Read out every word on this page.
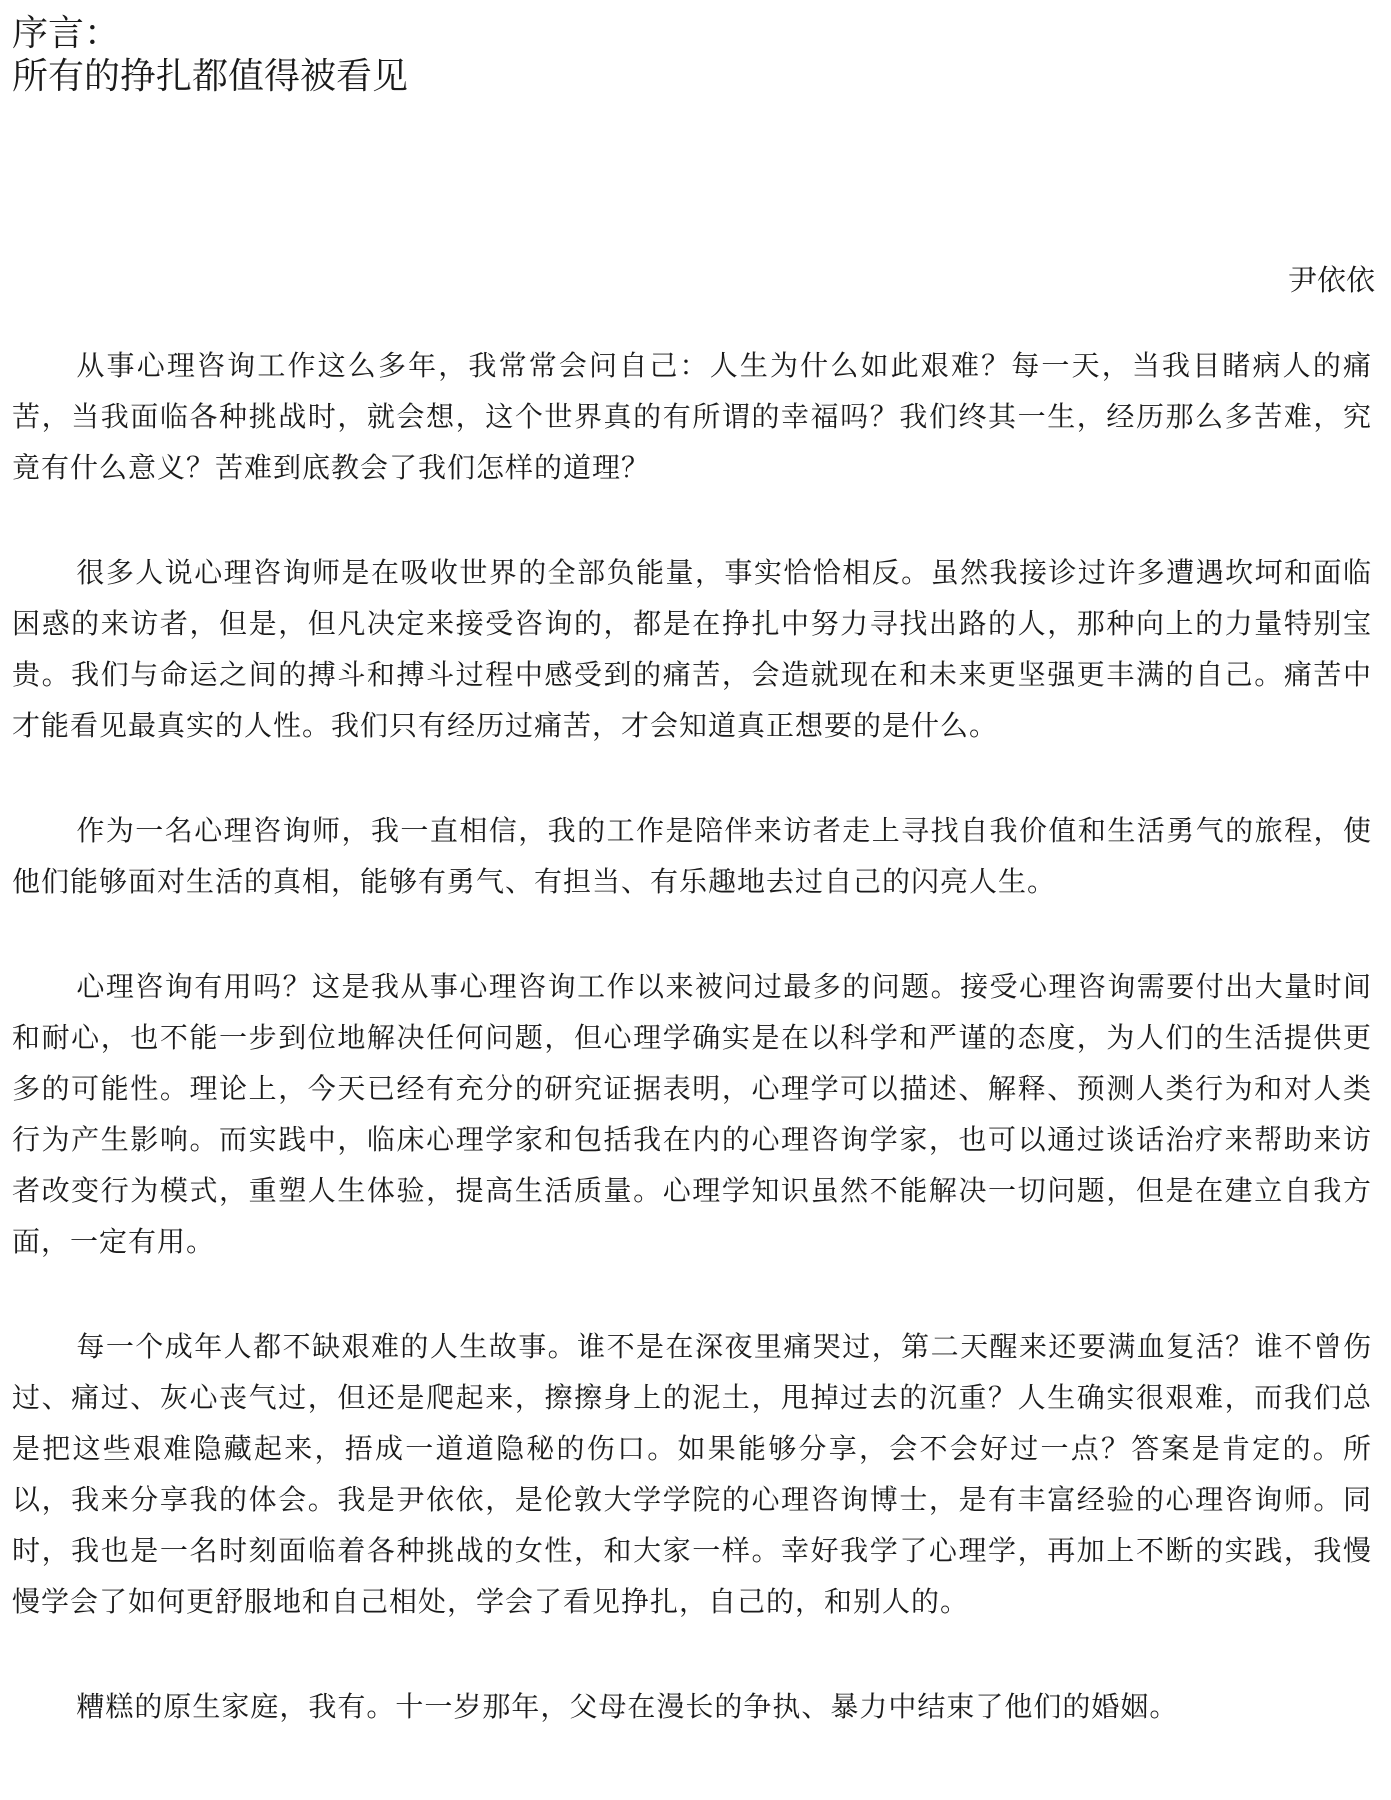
序言：
所有的挣扎都值得被看见
尹依依

从事心理咨询工作这么多年，我常常会问自己：人生为什么如此艰难？每一天，当我目睹病人的痛苦，当我面临各种挑战时，就会想，这个世界真的有所谓的幸福吗？我们终其一生，经历那么多苦难，究竟有什么意义？苦难到底教会了我们怎样的道理？

很多人说心理咨询师是在吸收世界的全部负能量，事实恰恰相反。虽然我接诊过许多遭遇坎坷和面临困惑的来访者，但是，但凡决定来接受咨询的，都是在挣扎中努力寻找出路的人，那种向上的力量特别宝贵。我们与命运之间的搏斗和搏斗过程中感受到的痛苦，会造就现在和未来更坚强更丰满的自己。痛苦中才能看见最真实的人性。我们只有经历过痛苦，才会知道真正想要的是什么。

作为一名心理咨询师，我一直相信，我的工作是陪伴来访者走上寻找自我价值和生活勇气的旅程，使他们能够面对生活的真相，能够有勇气、有担当、有乐趣地去过自己的闪亮人生。

心理咨询有用吗？这是我从事心理咨询工作以来被问过最多的问题。接受心理咨询需要付出大量时间和耐心，也不能一步到位地解决任何问题，但心理学确实是在以科学和严谨的态度，为人们的生活提供更多的可能性。理论上，今天已经有充分的研究证据表明，心理学可以描述、解释、预测人类行为和对人类行为产生影响。而实践中，临床心理学家和包括我在内的心理咨询学家，也可以通过谈话治疗来帮助来访者改变行为模式，重塑人生体验，提高生活质量。心理学知识虽然不能解决一切问题，但是在建立自我方面，一定有用。

每一个成年人都不缺艰难的人生故事。谁不是在深夜里痛哭过，第二天醒来还要满血复活？谁不曾伤过、痛过、灰心丧气过，但还是爬起来，擦擦身上的泥土，甩掉过去的沉重？人生确实很艰难，而我们总是把这些艰难隐藏起来，捂成一道道隐秘的伤口。如果能够分享，会不会好过一点？答案是肯定的。所以，我来分享我的体会。我是尹依依，是伦敦大学学院的心理咨询博士，是有丰富经验的心理咨询师。同时，我也是一名时刻面临着各种挑战的女性，和大家一样。幸好我学了心理学，再加上不断的实践，我慢慢学会了如何更舒服地和自己相处，学会了看见挣扎，自己的，和别人的。

糟糕的原生家庭，我有。十一岁那年，父母在漫长的争执、暴力中结束了他们的婚姻。
